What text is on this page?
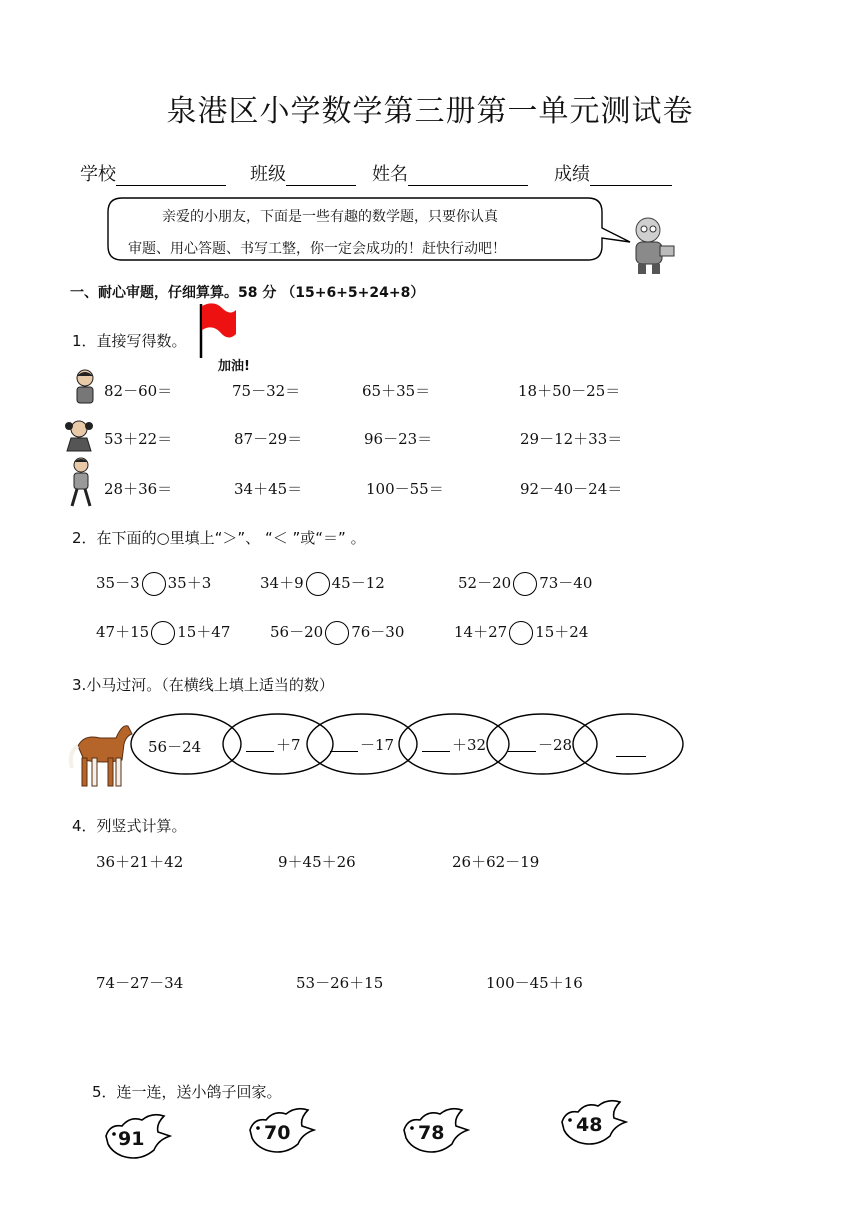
泉港区小学数学第三册第一单元测试卷
学校	班级	姓名	成绩
亲爱的小朋友，下面是一些有趣的数学题，只要你认真
审题、用心答题、书写工整，你一定会成功的！赶快行动吧！
一、耐心审题，仔细算算。58 分 （15+6+5+24+8）
1．直接写得数。
加油!
82－60＝	75－32＝	65＋35＝	18＋50－25＝
53＋22＝	87－29＝	96－23＝	29－12＋33＝
28＋36＝	34＋45＝	100－55＝	92－40－24＝
2．在下面的○里填上“＞”、 “＜ ”或“＝” 。
35－3 35＋3	34＋9 45－12	52－20 73－40
47＋15 15＋47	56－20 76－30	14＋27 15＋24
3.小马过河。（在横线上填上适当的数）
56－24	＋7	－17	＋32	－28
4．列竖式计算。
36＋21＋42	9＋45＋26	26＋62－19
74－27－34	53－26＋15	100－45＋16
5．连一连，送小鸽子回家。
91	70	78	48
